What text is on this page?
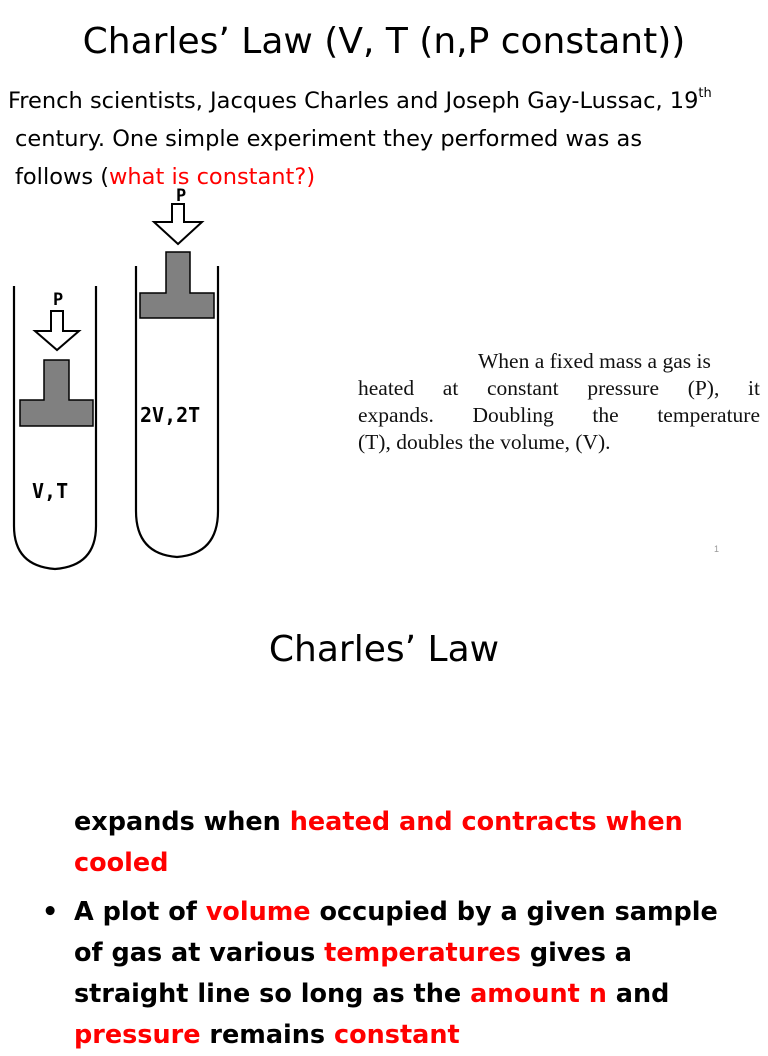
Charles’ Law (V, T (n,P constant))
French scientists, Jacques Charles and Joseph Gay-Lussac, 19th
century. One simple experiment they performed was as
follows (what is constant?)
P
V,T
P
2V,2T
When a fixed mass a gas is
heated at constant pressure (P), it
expands. Doubling the temperature
(T), doubles the volume, (V).
1
Charles’ Law
expands when heated and contracts when cooled
• A plot of volume occupied by a given sample of gas at various temperatures gives a straight line so long as the amount n and pressure remains constant
